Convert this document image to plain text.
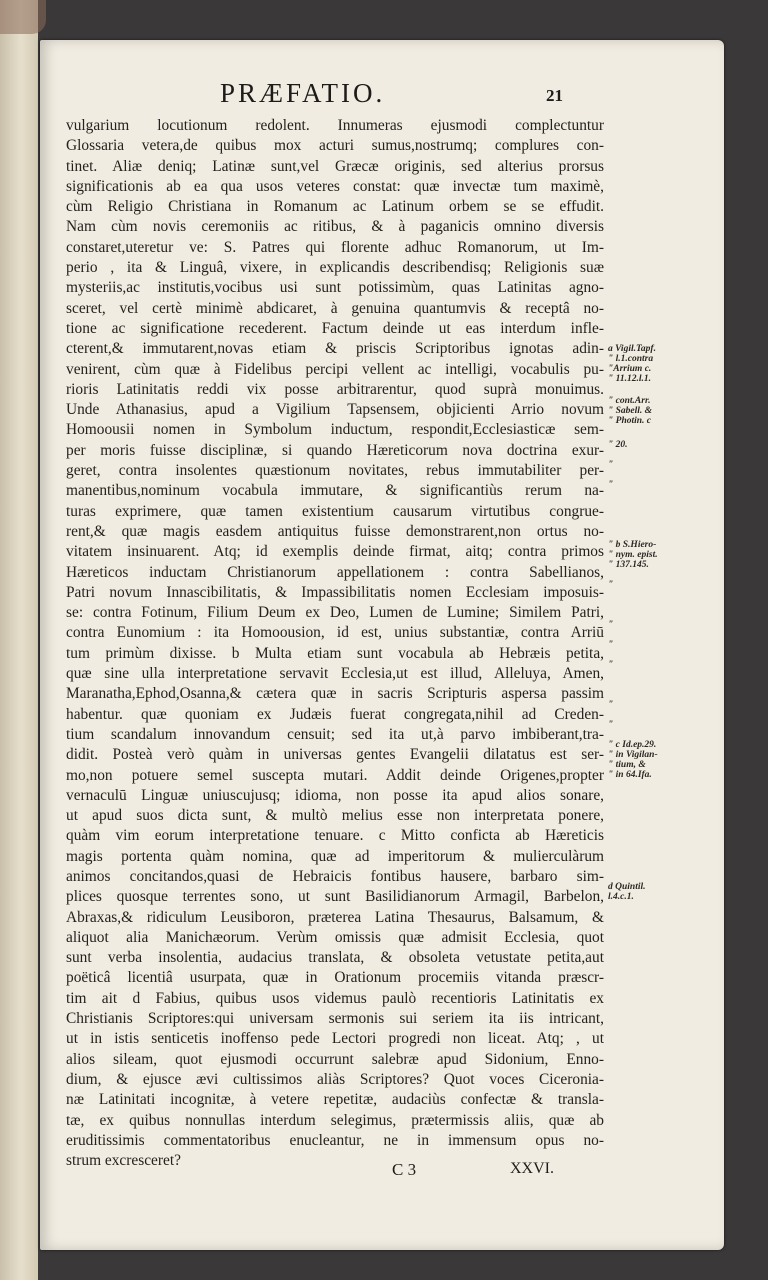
PRÆFATIO.	21
vulgarium locutionum redolent. Innumeras ejusmodi complectuntur
Glossaria vetera,de quibus mox acturi sumus,nostrumq; complures con-
tinet. Aliæ deniq; Latinæ sunt,vel Græcæ originis, sed alterius prorsus
significationis ab ea qua usos veteres constat: quæ invectæ tum maximè,
cùm Religio Christiana in Romanum ac Latinum orbem se se effudit.
Nam cùm novis ceremoniis ac ritibus, & à paganicis omnino diversis
constaret,uteretur ve: S. Patres qui florente adhuc Romanorum, ut Im-
perio , ita & Linguâ, vixere, in explicandis describendisq; Religionis suæ
mysteriis,ac institutis,vocibus usi sunt potissimùm, quas Latinitas agno-
sceret, vel certè minimè abdicaret, à genuina quantumvis & receptâ no-
tione ac significatione recederent. Factum deinde ut eas interdum infle-
cterent,& immutarent,novas etiam & priscis Scriptoribus ignotas adin-
venirent, cùm quæ à Fidelibus percipi vellent ac intelligi, vocabulis pu-
rioris Latinitatis reddi vix posse arbitrarentur, quod suprà monuimus.
Unde Athanasius, apud a Vigilium Tapsensem, objicienti Arrio novum
Homoousii nomen in Symbolum inductum, respondit,Ecclesiasticæ sem-
per moris fuisse disciplinæ, si quando Hæreticorum nova doctrina exur-
geret, contra insolentes quæstionum novitates, rebus immutabiliter per-
manentibus,nominum vocabula immutare, & significantiùs rerum na-
turas exprimere, quæ tamen existentium causarum virtutibus congrue-
rent,& quæ magis easdem antiquitus fuisse demonstrarent,non ortus no-
vitatem insinuarent. Atq; id exemplis deinde firmat, aitq; contra primos
Hæreticos inductam Christianorum appellationem : contra Sabellianos,
Patri novum Innascibilitatis, & Impassibilitatis nomen Ecclesiam imposuis-
se: contra Fotinum, Filium Deum ex Deo, Lumen de Lumine; Similem Patri,
contra Eunomium : ita Homoousion, id est, unius substantiæ, contra Arriū
tum primùm dixisse. b Multa etiam sunt vocabula ab Hebræis petita,
quæ sine ulla interpretatione servavit Ecclesia,ut est illud, Alleluya, Amen,
Maranatha,Ephod,Osanna,& cætera quæ in sacris Scripturis aspersa passim
habentur. quæ quoniam ex Judæis fuerat congregata,nihil ad Creden-
tium scandalum innovandum censuit; sed ita ut,à parvo imbiberant,tra-
didit. Posteà verò quàm in universas gentes Evangelii dilatatus est ser-
mo,non potuere semel suscepta mutari. Addit deinde Origenes,propter
vernaculū Linguæ uniuscujusq; idioma, non posse ita apud alios sonare,
ut apud suos dicta sunt, & multò melius esse non interpretata ponere,
quàm vim eorum interpretatione tenuare. c Mitto conficta ab Hæreticis
magis portenta quàm nomina, quæ ad imperitorum & mulierculàrum
animos concitandos,quasi de Hebraicis fontibus hausere, barbaro sim-
plices quosque terrentes sono, ut sunt Basilidianorum Armagil, Barbelon,
Abraxas,& ridiculum Leusiboron, præterea Latina Thesaurus, Balsamum, &
aliquot alia Manichæorum. Verùm omissis quæ admisit Ecclesia, quot
sunt verba insolentia, audacius translata, & obsoleta vetustate petita,aut
poëticâ licentiâ usurpata, quæ in Orationum procemiis vitanda præscr-
tim ait d Fabius, quibus usos videmus paulò recentioris Latinitatis ex
Christianis Scriptores:qui universam sermonis sui seriem ita iis intricant,
ut in istis senticetis inoffenso pede Lectori progredi non liceat. Atq; , ut
alios sileam, quot ejusmodi occurrunt salebræ apud Sidonium, Enno-
dium, & ejusce ævi cultissimos aliàs Scriptores? Quot voces Ciceronia-
næ Latinitati incognitæ, à vetere repetitæ, audaciùs confectæ & transla-
tæ, ex quibus nonnullas interdum selegimus, prætermissis aliis, quæ ab
eruditissimis commentatoribus enucleantur, ne in immensum opus no-
strum excresceret?
a Vigil.Tapf.
" l.1.contra
"Arrium c.
" 11.12.l.1.
" cont.Arr.
" Sabell. &
" Photin. c
" 20.
"
"
" b S.Hiero-
" nym. epist.
" 137.145.
"
"
"
"
"
"
" c Id.ep.29.
" in Vigilan-
" tium, &
" in 64.Ifa.
d Quintil.
l.4.c.1.
C 3	XXVI.
